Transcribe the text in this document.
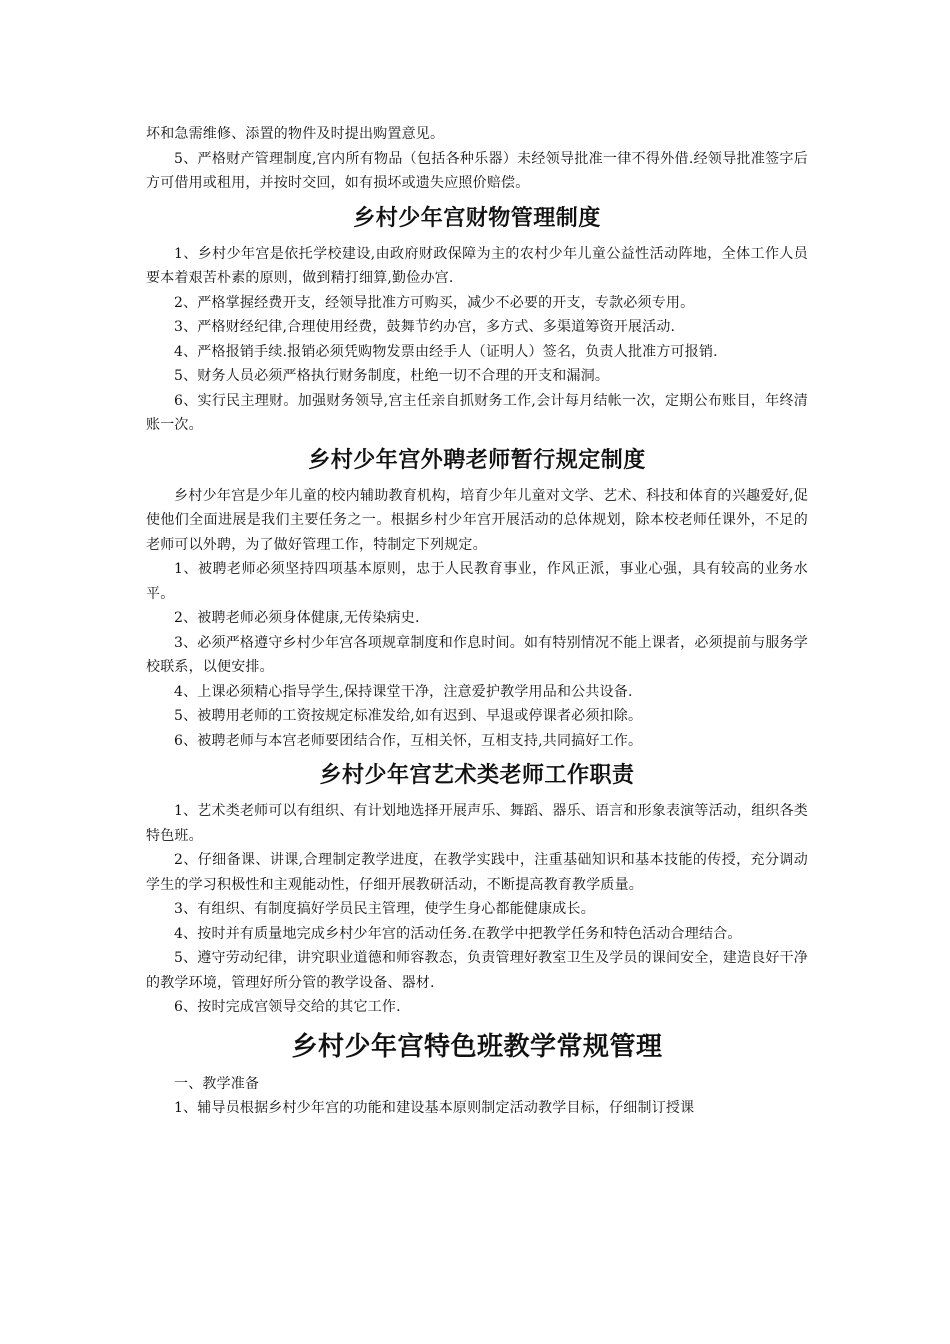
坏和急需维修、添置的物件及时提出购置意见。

5、严格财产管理制度,宫内所有物品（包括各种乐器）未经领导批准一律不得外借.经领导批准签字后方可借用或租用，并按时交回，如有损坏或遗失应照价赔偿。

乡村少年宫财物管理制度

1、乡村少年宫是依托学校建设,由政府财政保障为主的农村少年儿童公益性活动阵地，全体工作人员要本着艰苦朴素的原则，做到精打细算,勤俭办宫.

2、严格掌握经费开支，经领导批准方可购买，减少不必要的开支，专款必须专用。

3、严格财经纪律,合理使用经费，鼓舞节约办宫，多方式、多渠道筹资开展活动.

4、严格报销手续.报销必须凭购物发票由经手人（证明人）签名，负责人批准方可报销.

5、财务人员必须严格执行财务制度，杜绝一切不合理的开支和漏洞。

6、实行民主理财。加强财务领导,宫主任亲自抓财务工作,会计每月结帐一次，定期公布账目，年终清账一次。

乡村少年宫外聘老师暂行规定制度

乡村少年宫是少年儿童的校内辅助教育机构，培育少年儿童对文学、艺术、科技和体育的兴趣爱好,促使他们全面进展是我们主要任务之一。根据乡村少年宫开展活动的总体规划，除本校老师任课外，不足的老师可以外聘，为了做好管理工作，特制定下列规定。

1、被聘老师必须坚持四项基本原则，忠于人民教育事业，作风正派，事业心强，具有较高的业务水平。

2、被聘老师必须身体健康,无传染病史.

3、必须严格遵守乡村少年宫各项规章制度和作息时间。如有特别情况不能上课者，必须提前与服务学校联系，以便安排。

4、上课必须精心指导学生,保持课堂干净，注意爱护教学用品和公共设备.

5、被聘用老师的工资按规定标准发给,如有迟到、早退或停课者必须扣除。

6、被聘老师与本宫老师要团结合作，互相关怀，互相支持,共同搞好工作。

乡村少年宫艺术类老师工作职责

1、艺术类老师可以有组织、有计划地选择开展声乐、舞蹈、器乐、语言和形象表演等活动，组织各类特色班。

2、仔细备课、讲课,合理制定教学进度，在教学实践中，注重基础知识和基本技能的传授，充分调动学生的学习积极性和主观能动性，仔细开展教研活动，不断提高教育教学质量。

3、有组织、有制度搞好学员民主管理，使学生身心都能健康成长。

4、按时并有质量地完成乡村少年宫的活动任务.在教学中把教学任务和特色活动合理结合。

5、遵守劳动纪律，讲究职业道德和师容教态，负责管理好教室卫生及学员的课间安全，建造良好干净的教学环境，管理好所分管的教学设备、器材.

6、按时完成宫领导交给的其它工作.

乡村少年宫特色班教学常规管理

一、教学准备

1、辅导员根据乡村少年宫的功能和建设基本原则制定活动教学目标，仔细制订授课
